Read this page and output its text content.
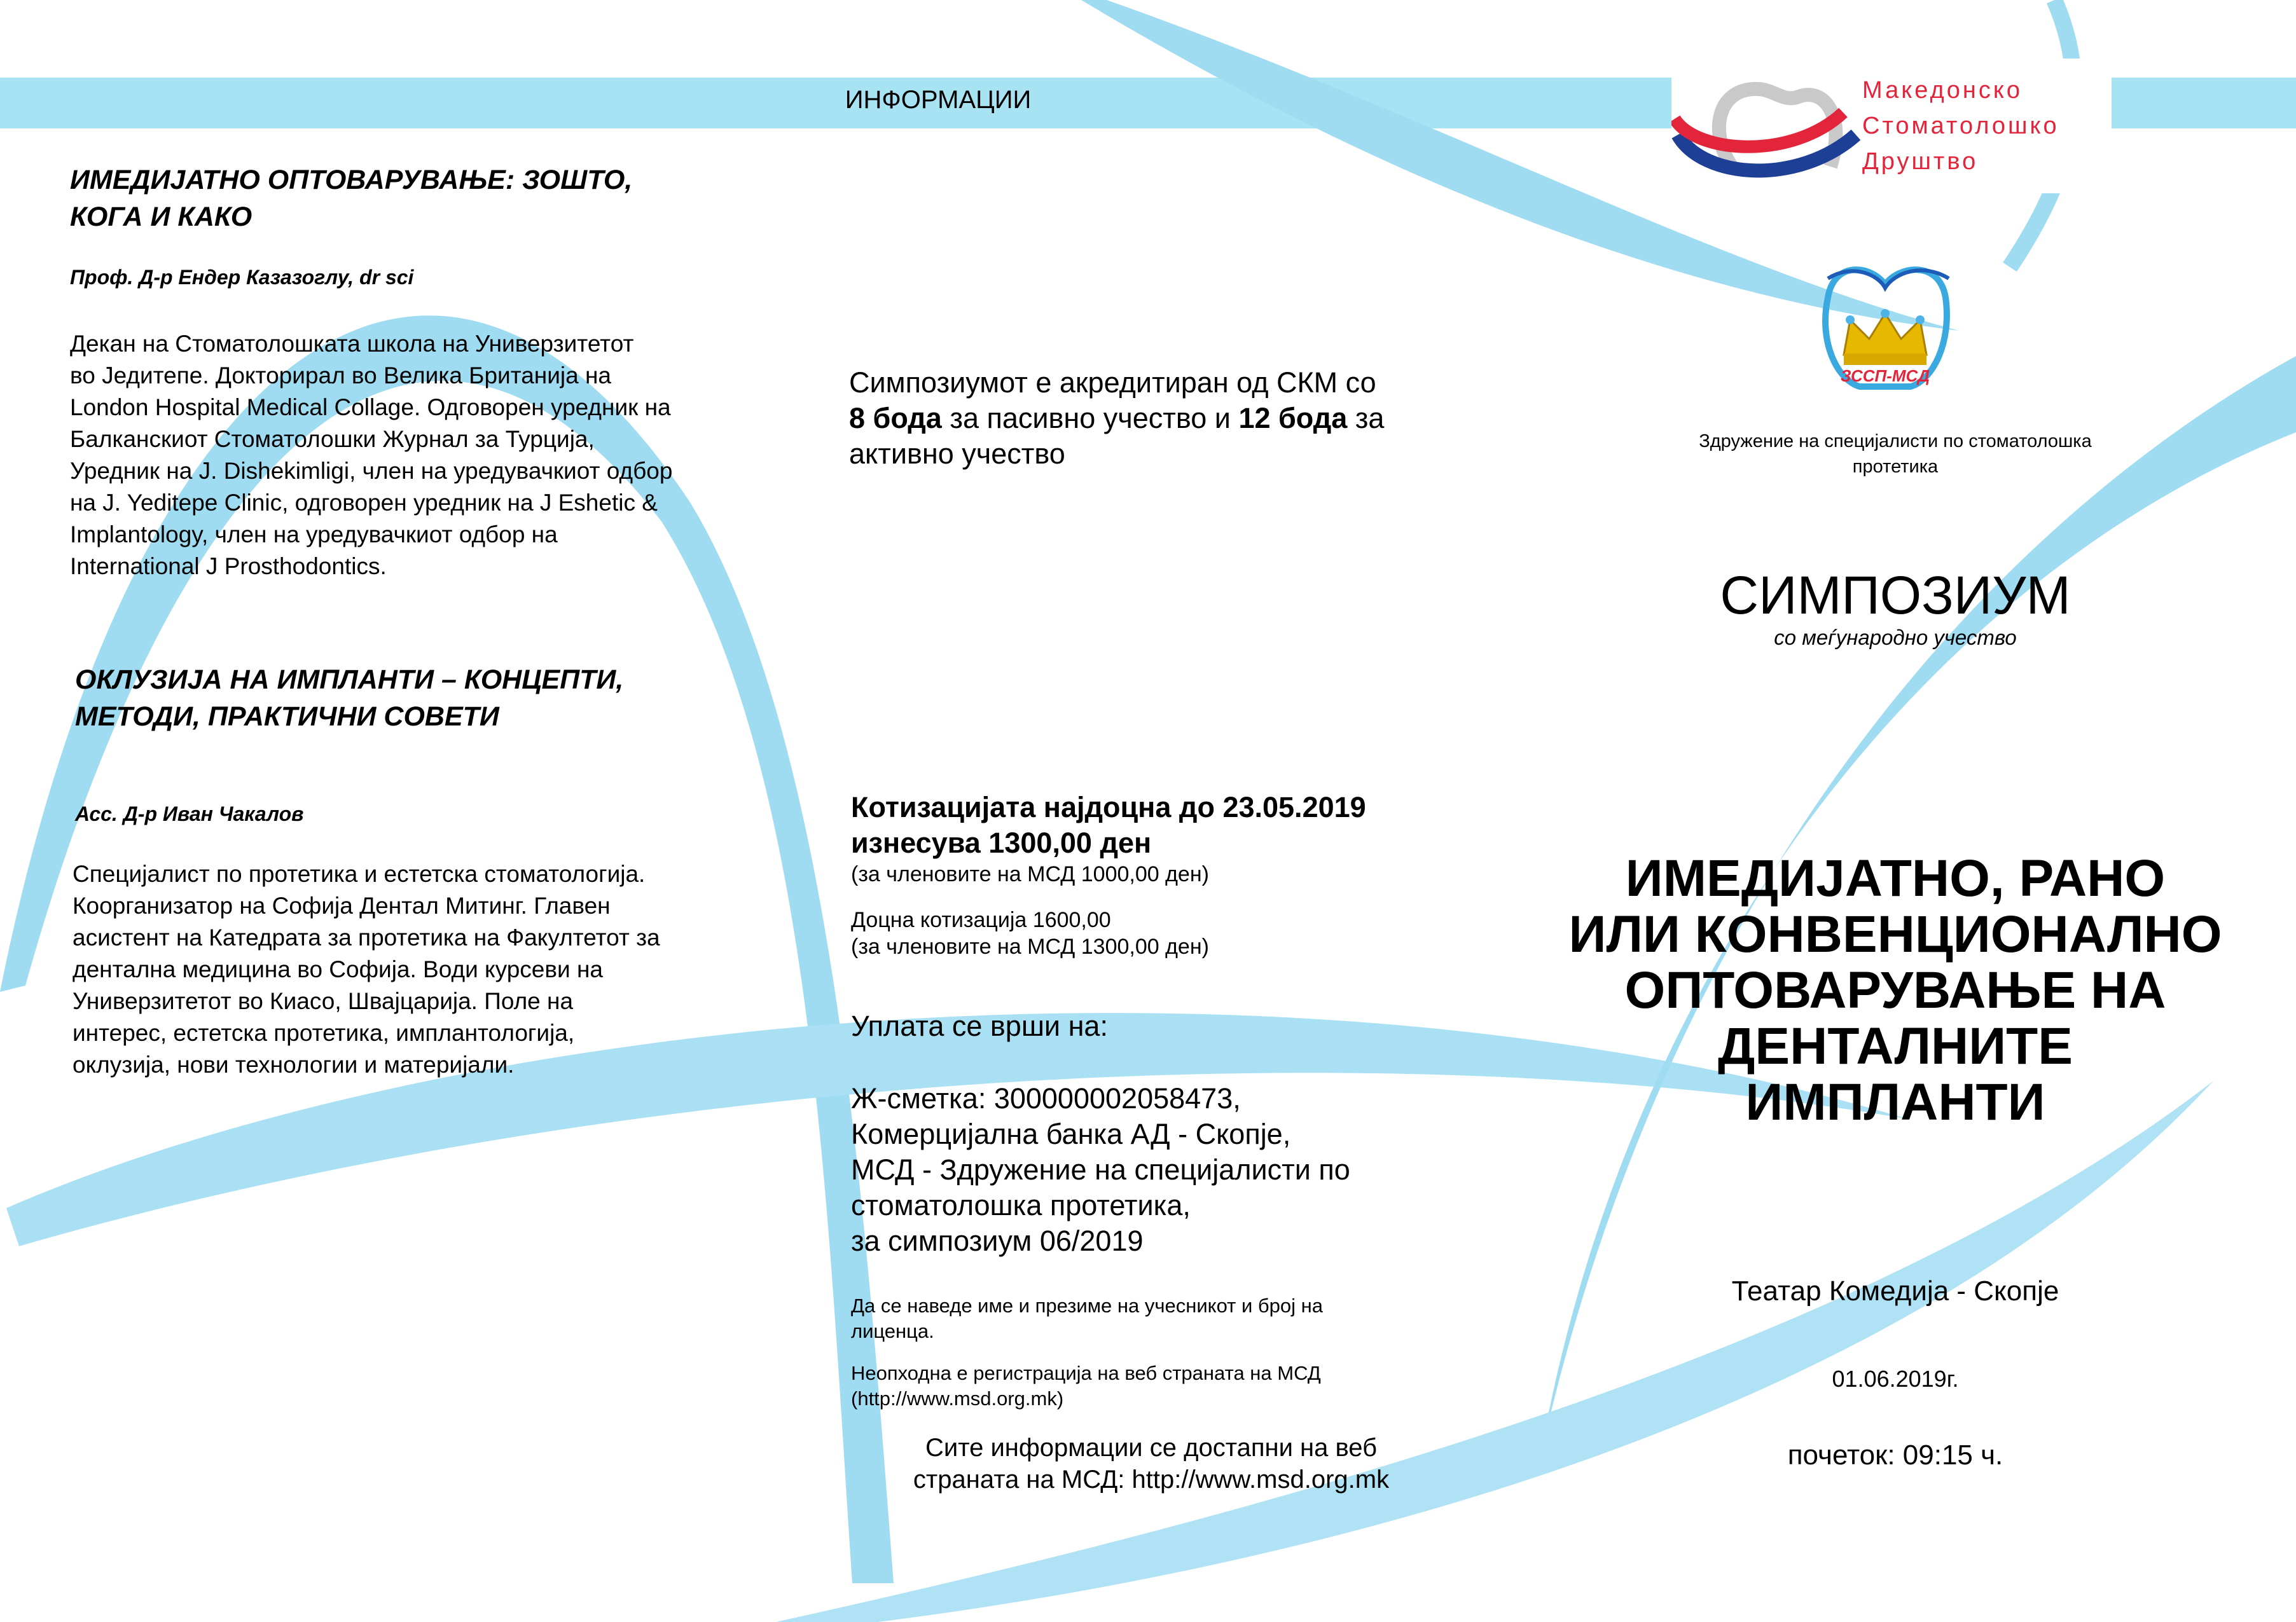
ИНФОРМАЦИИ
ИМЕДИЈАТНО ОПТОВАРУВАЊЕ: ЗОШТО,
КОГА И КАКО
Проф. Д-р Ендер Казазоглу, dr sci
Декан на Стоматолошката школа на Универзитетот
во Једитепе. Докторирал во Велика Британија на
London Hospital Medical Collage. Одговорен уредник на
Балканскиот Стоматолошки Журнал за Турција,
Уредник на J. Dishekimligi, член на уредувачкиот одбор
на J. Yeditepe Clinic, одговорен уредник на J Eshetic &
Implantology, член на уредувачкиот одбор на
International J Prosthodontics.
ОКЛУЗИЈА НА ИМПЛАНТИ – КОНЦЕПТИ,
МЕТОДИ, ПРАКТИЧНИ СОВЕТИ
Асс. Д-р Иван Чакалов
Специјалист по протетика и естетска стоматологија.
Коорганизатор на Софија Дентал Митинг. Главен
асистент на Катедрата за протетика на Факултетот за
дентална медицина во Софија. Води курсеви на
Универзитетот во Киасо, Швајцарија. Поле на
интерес, естетска протетика, имплантологија,
оклузија, нови технологии и материјали.
Симпозиумот е акредитиран од СКМ со
8 бода за пасивно учество и 12 бода за
активно учество
Котизацијата најдоцна до 23.05.2019
изнесува 1300,00 ден
(за членовите на МСД 1000,00 ден)
Доцна котизација 1600,00
(за членовите на МСД 1300,00 ден)
Уплата се врши на:
Ж-сметка: 300000002058473,
Комерцијална банка АД - Скопје,
МСД - Здружение на специјалисти по
стоматолошка протетика,
за симпозиум 06/2019
Да се наведе име и презиме на учесникот и број на
лиценца.
Неопходна е регистрација на веб страната на МСД
(http://www.msd.org.mk)
Сите информации се достапни на веб
страната на МСД: http://www.msd.org.mk
Македонско
Стоматолошко
Друштво
ЗССП-МСД
Здружение на специјалисти по стоматолошка
протетика
СИМПОЗИУМ
со меѓународно учество
ИМЕДИЈАТНО, РАНО
ИЛИ КОНВЕНЦИОНАЛНО
ОПТОВАРУВАЊЕ НА
ДЕНТАЛНИТЕ
ИМПЛАНТИ
Театар Комедија - Скопје
01.06.2019г.
почеток: 09:15 ч.
